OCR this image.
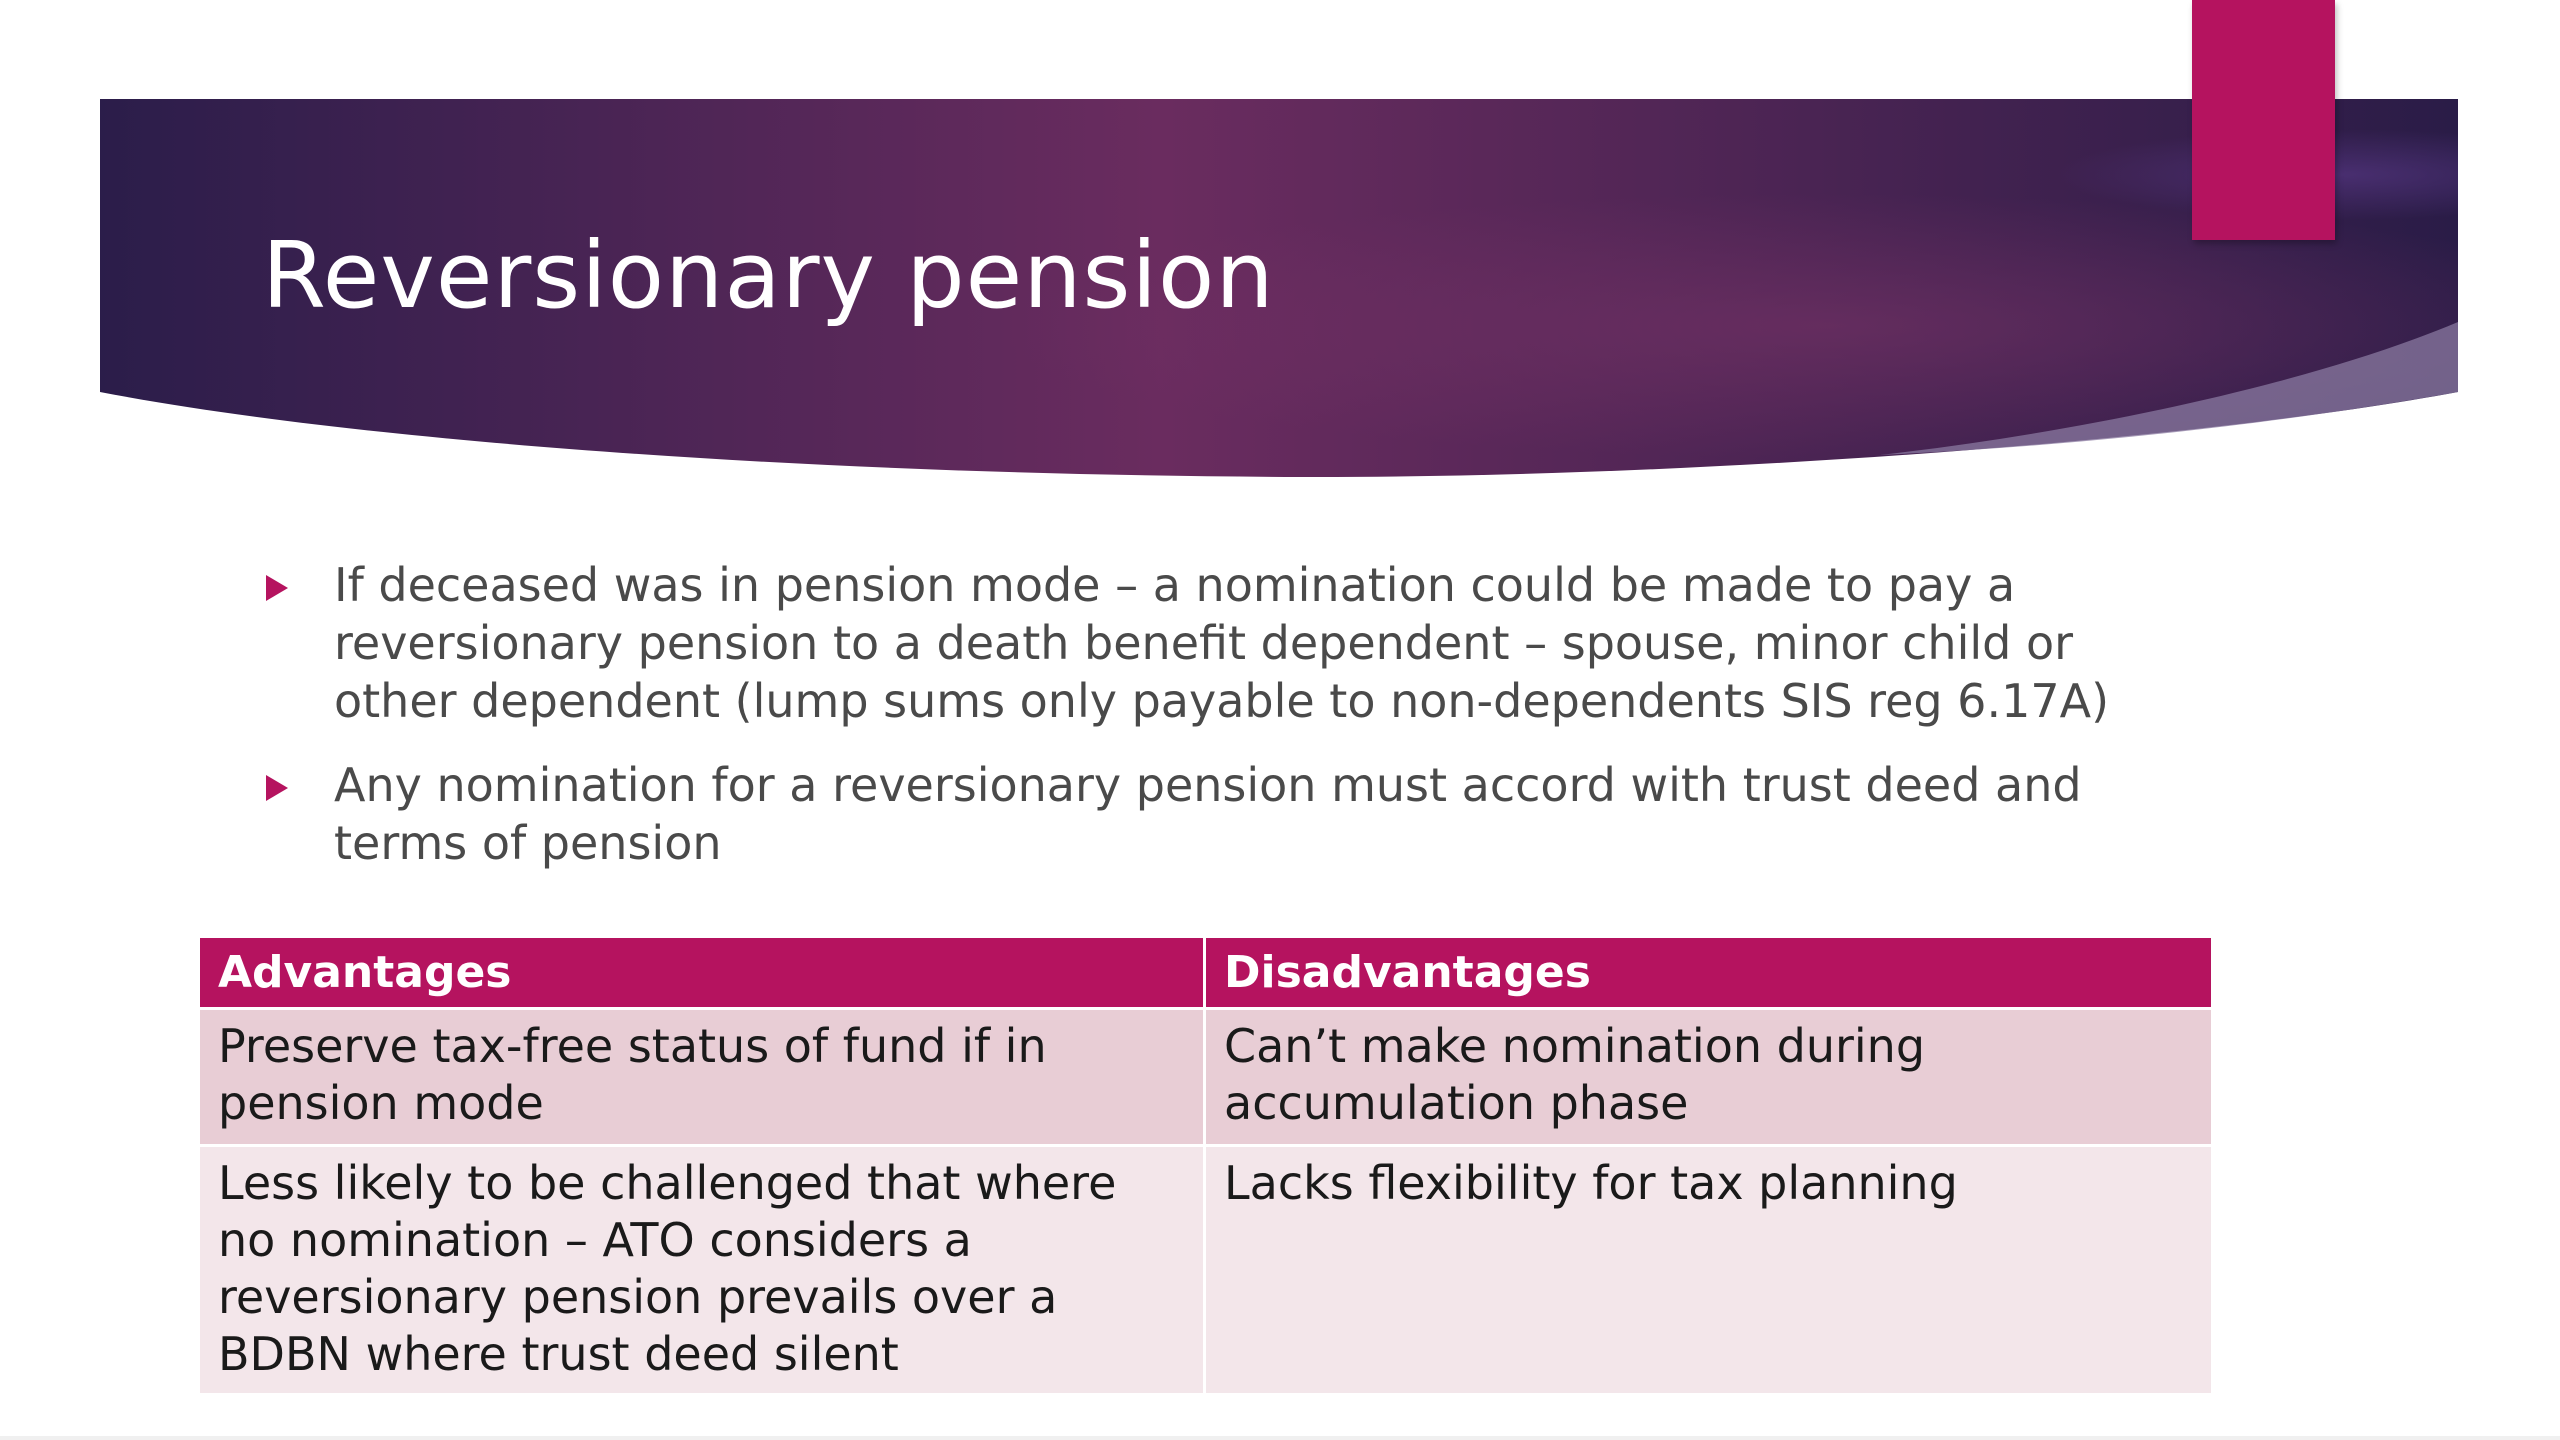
Reversionary pension
If deceased was in pension mode – a nomination could be made to pay a reversionary pension to a death benefit dependent – spouse, minor child or other dependent (lump sums only payable to non-dependents SIS reg 6.17A)
Any nomination for a reversionary pension must accord with trust deed and terms of pension
Advantages	Disadvantages
Preserve tax-free status of fund if in pension mode	Can’t make nomination during accumulation phase
Less likely to be challenged that where no nomination – ATO considers a reversionary pension prevails over a BDBN where trust deed silent	Lacks flexibility for tax planning
